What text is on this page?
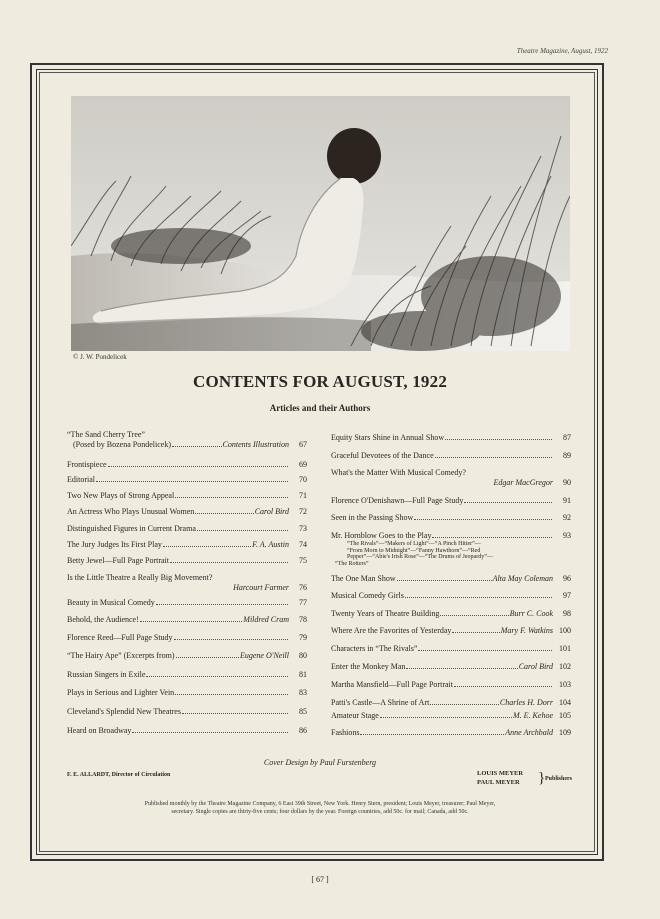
Theatre Magazine, August, 1922
© J. W. Pondelicek
CONTENTS FOR AUGUST, 1922
Articles and their Authors
“The Sand Cherry Tree”
(Posed by Bozena Pondelicek)	Contents Illustration	67
Frontispiece	69
Editorial	70
Two New Plays of Strong Appeal	71
An Actress Who Plays Unusual Women	Carol Bird	72
Distinguished Figures in Current Drama	73
The Jury Judges Its First Play	F. A. Austin	74
Betty Jewel—Full Page Portrait	75
Is the Little Theatre a Really Big Movement?
Harcourt Farmer	76
Beauty in Musical Comedy	77
Behold, the Audience!	Mildred Cram	78
Florence Reed—Full Page Study	79
“The Hairy Ape” (Excerpts from)	Eugene O'Neill	80
Russian Singers in Exile	81
Plays in Serious and Lighter Vein	83
Cleveland's Splendid New Theatres	85
Heard on Broadway	86
Equity Stars Shine in Annual Show	87
Graceful Devotees of the Dance	89
What's the Matter With Musical Comedy?
Edgar MacGregor	90
Florence O'Denishawn—Full Page Study	91
Seen in the Passing Show	92
Mr. Hornblow Goes to the Play	93
“The Rivals”—“Makers of Light”—“A Pinch Hitter”—
“From Morn to Midnight”—“Fanny Hawthorn”—“Red
Pepper”—“Abie's Irish Rose”—“The Drums of Jeopardy”—
“The Rotters”
The One Man Show	Alta May Coleman	96
Musical Comedy Girls	97
Twenty Years of Theatre Building	Burr C. Cook	98
Where Are the Favorites of Yesterday	Mary F. Watkins 100
Characters in “The Rivals”	101
Enter the Monkey Man	Carol Bird 102
Martha Mansfield—Full Page Portrait	103
Patti's Castle—A Shrine of Art	Charles H. Dorr 104
Amateur Stage	M. E. Kehoe 105
Fashions	Anne Archbald 109
Cover Design by Paul Furstenberg
F. E. ALLARDT, Director of Circulation	LOUIS MEYER
PAUL MEYER } Publishers
Published monthly by the Theatre Magazine Company, 6 East 39th Street, New York. Henry Stern, president; Louis Meyer, treasurer; Paul Meyer, secretary. Single copies are thirty-five cents; four dollars by the year. Foreign countries, add 50c. for mail; Canada, add 50c.
[ 67 ]
